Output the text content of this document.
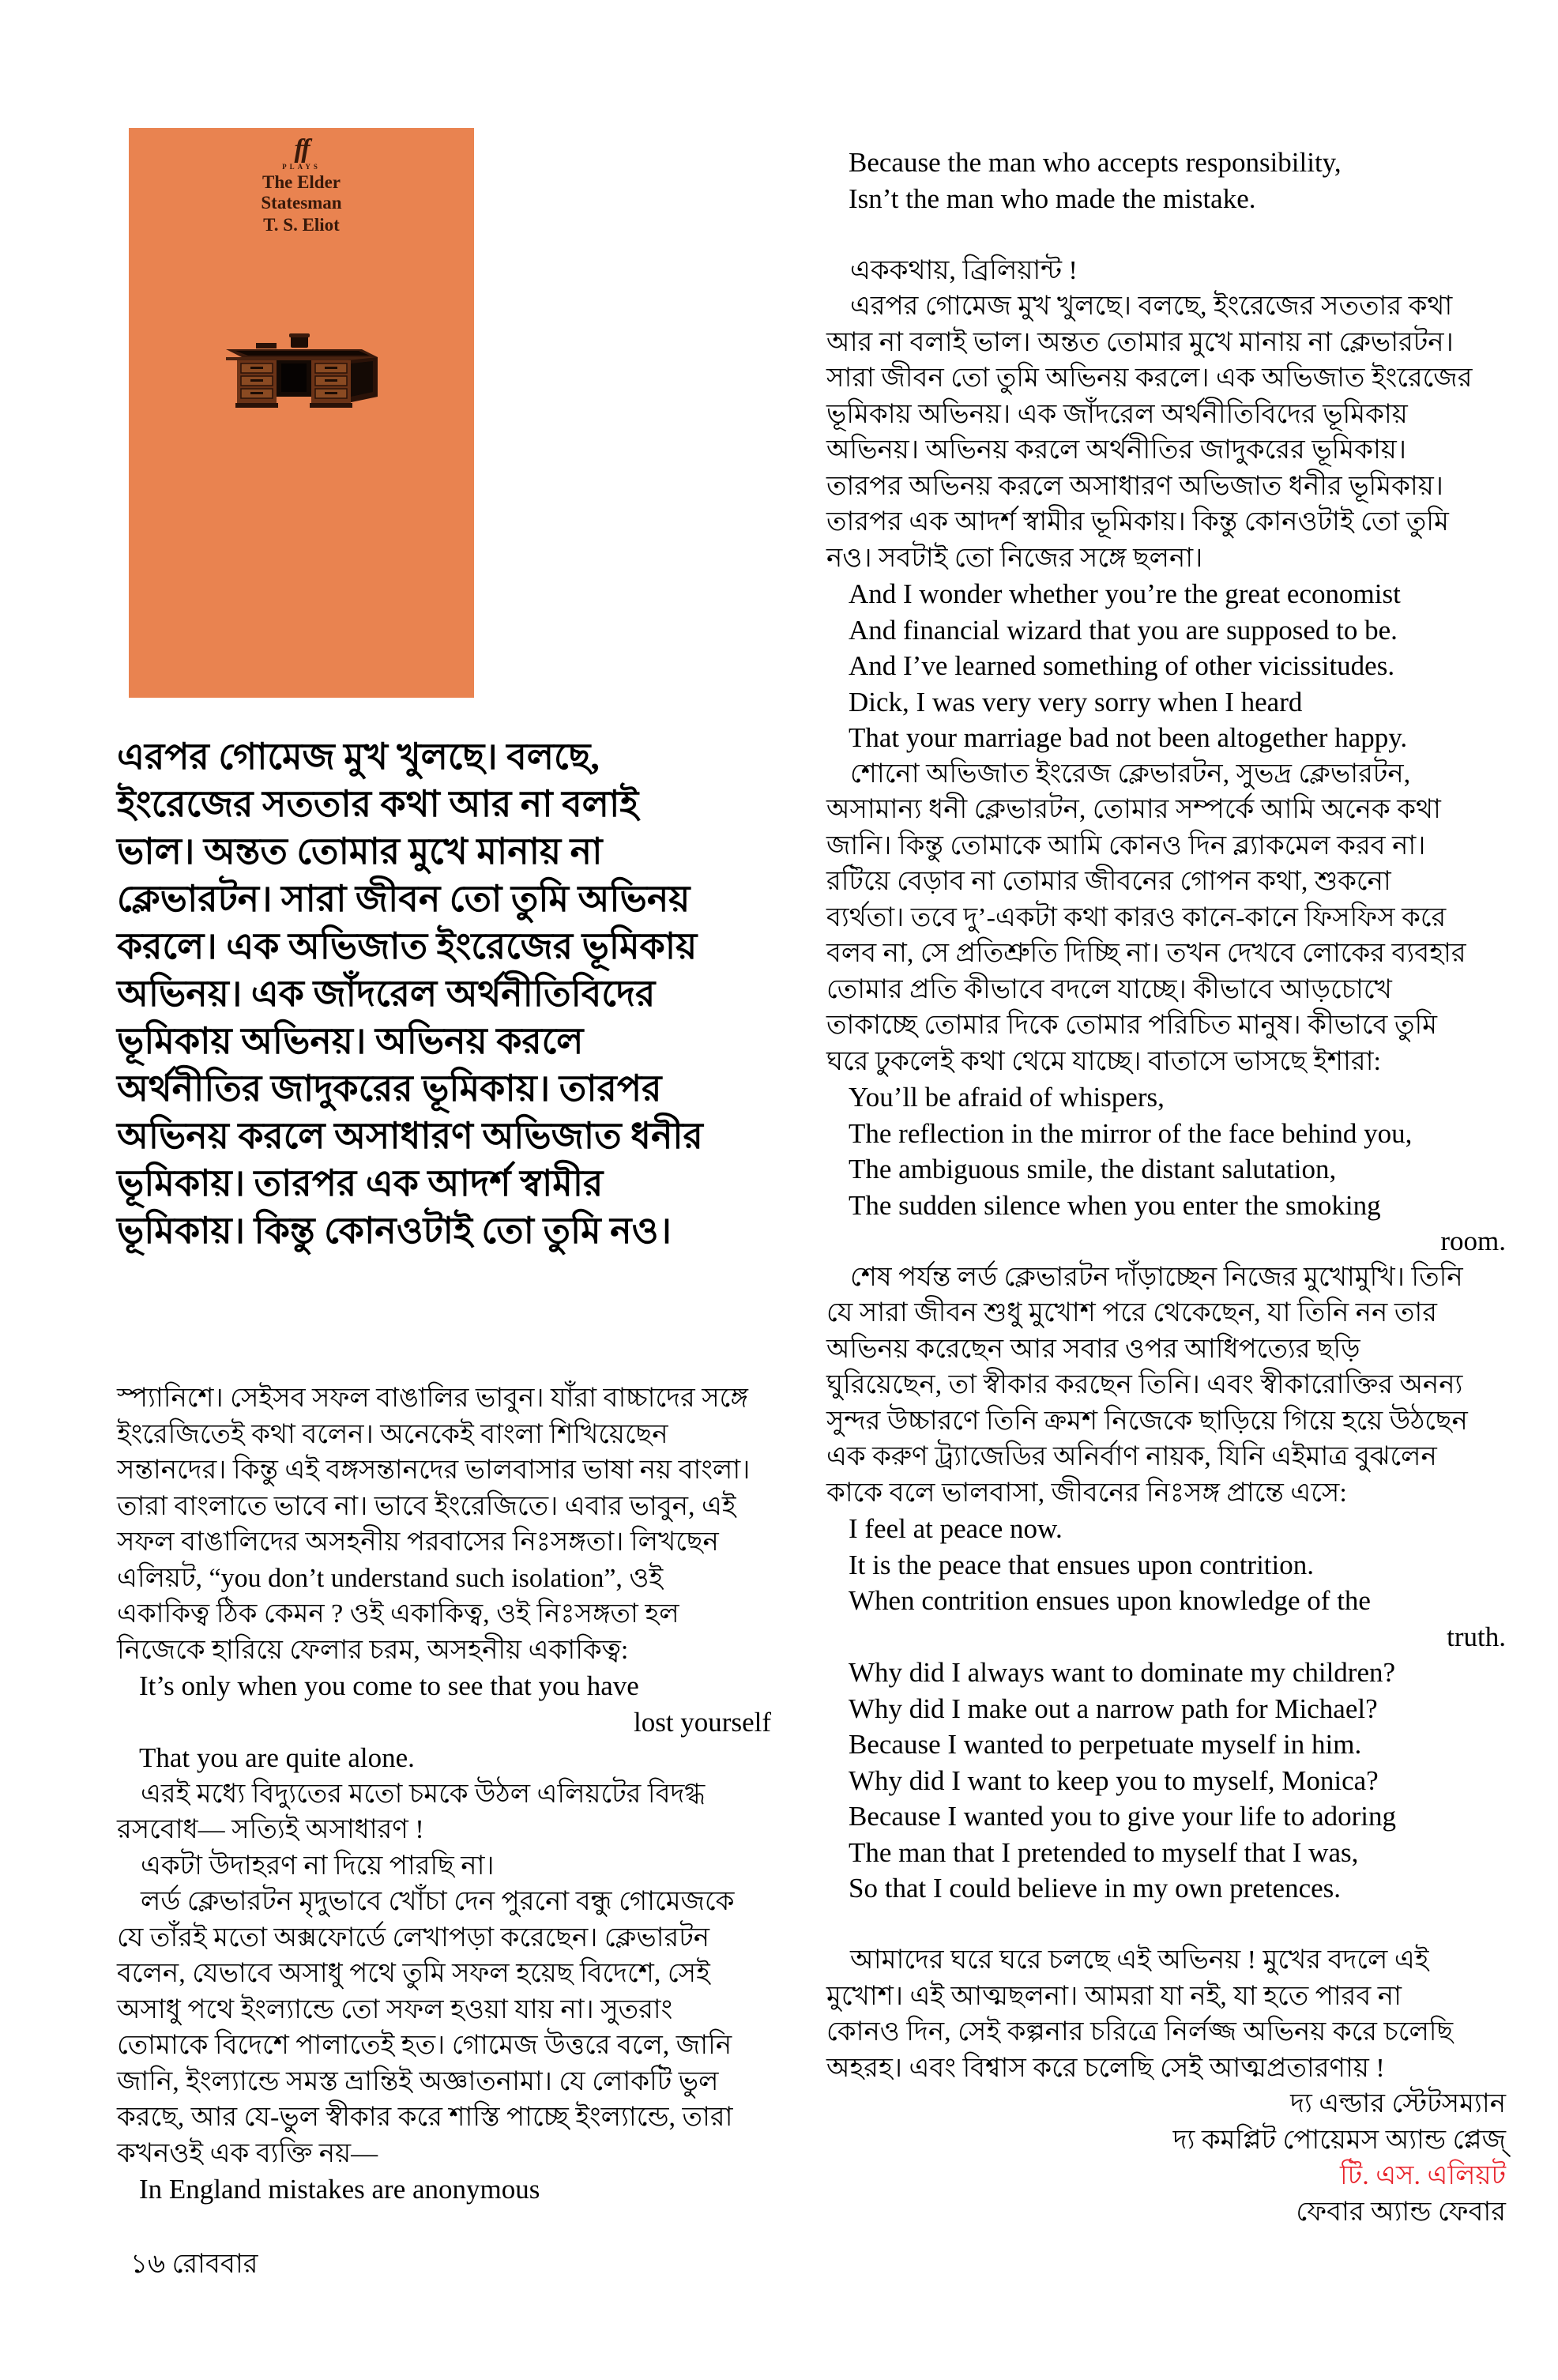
ff
PLAYS
The Elder
Statesman
T. S. Eliot
এরপর গোমেজ মুখ খুলছে। বলছে,
ইংরেজের সততার কথা আর না বলাই
ভাল। অন্তত তোমার মুখে মানায় না
ক্লেভারটন। সারা জীবন তো তুমি অভিনয়
করলে। এক অভিজাত ইংরেজের ভূমিকায়
অভিনয়। এক জাঁদরেল অর্থনীতিবিদের
ভূমিকায় অভিনয়। অভিনয় করলে
অর্থনীতির জাদুকরের ভূমিকায়। তারপর
অভিনয় করলে অসাধারণ অভিজাত ধনীর
ভূমিকায়। তারপর এক আদর্শ স্বামীর
ভূমিকায়। কিন্তু কোনওটাই তো তুমি নও।
স্প্যানিশে। সেইসব সফল বাঙালির ভাবুন। যাঁরা বাচ্চাদের সঙ্গে
ইংরেজিতেই কথা বলেন। অনেকেই বাংলা শিখিয়েছেন
সন্তানদের। কিন্তু এই বঙ্গসন্তানদের ভালবাসার ভাষা নয় বাংলা।
তারা বাংলাতে ভাবে না। ভাবে ইংরেজিতে। এবার ভাবুন, এই
সফল বাঙালিদের অসহনীয় পরবাসের নিঃসঙ্গতা। লিখছেন
এলিয়ট, “you don’t understand such isolation”, ওই
একাকিত্ব ঠিক কেমন ? ওই একাকিত্ব, ওই নিঃসঙ্গতা হল
নিজেকে হারিয়ে ফেলার চরম, অসহনীয় একাকিত্ব:
It’s only when you come to see that you have
lost yourself
That you are quite alone.
এরই মধ্যে বিদ্যুতের মতো চমকে উঠল এলিয়টের বিদগ্ধ
রসবোধ— সত্যিই অসাধারণ !
একটা উদাহরণ না দিয়ে পারছি না।
লর্ড ক্লেভারটন মৃদুভাবে খোঁচা দেন পুরনো বন্ধু গোমেজকে
যে তাঁরই মতো অক্সফোর্ডে লেখাপড়া করেছেন। ক্লেভারটন
বলেন, যেভাবে অসাধু পথে তুমি সফল হয়েছ বিদেশে, সেই
অসাধু পথে ইংল্যান্ডে তো সফল হওয়া যায় না। সুতরাং
তোমাকে বিদেশে পালাতেই হত। গোমেজ উত্তরে বলে, জানি
জানি, ইংল্যান্ডে সমস্ত ভ্রান্তিই অজ্ঞাতনামা। যে লোকটি ভুল
করছে, আর যে-ভুল স্বীকার করে শাস্তি পাচ্ছে ইংল্যান্ডে, তারা
কখনওই এক ব্যক্তি নয়—
In England mistakes are anonymous
Because the man who accepts responsibility,
Isn’t the man who made the mistake.

এককথায়, ব্রিলিয়ান্ট !
এরপর গোমেজ মুখ খুলছে। বলছে, ইংরেজের সততার কথা
আর না বলাই ভাল। অন্তত তোমার মুখে মানায় না ক্লেভারটন।
সারা জীবন তো তুমি অভিনয় করলে। এক অভিজাত ইংরেজের
ভূমিকায় অভিনয়। এক জাঁদরেল অর্থনীতিবিদের ভূমিকায়
অভিনয়। অভিনয় করলে অর্থনীতির জাদুকরের ভূমিকায়।
তারপর অভিনয় করলে অসাধারণ অভিজাত ধনীর ভূমিকায়।
তারপর এক আদর্শ স্বামীর ভূমিকায়। কিন্তু কোনওটাই তো তুমি
নও। সবটাই তো নিজের সঙ্গে ছলনা।
And I wonder whether you’re the great economist
And financial wizard that you are supposed to be.
And I’ve learned something of other vicissitudes.
Dick, I was very very sorry when I heard
That your marriage bad not been altogether happy.
শোনো অভিজাত ইংরেজ ক্লেভারটন, সুভদ্র ক্লেভারটন,
অসামান্য ধনী ক্লেভারটন, তোমার সম্পর্কে আমি অনেক কথা
জানি। কিন্তু তোমাকে আমি কোনও দিন ব্ল্যাকমেল করব না।
রটিয়ে বেড়াব না তোমার জীবনের গোপন কথা, শুকনো
ব্যর্থতা। তবে দু’-একটা কথা কারও কানে-কানে ফিসফিস করে
বলব না, সে প্রতিশ্রুতি দিচ্ছি না। তখন দেখবে লোকের ব্যবহার
তোমার প্রতি কীভাবে বদলে যাচ্ছে। কীভাবে আড়চোখে
তাকাচ্ছে তোমার দিকে তোমার পরিচিত মানুষ। কীভাবে তুমি
ঘরে ঢুকলেই কথা থেমে যাচ্ছে। বাতাসে ভাসছে ইশারা:
You’ll be afraid of whispers,
The reflection in the mirror of the face behind you,
The ambiguous smile, the distant salutation,
The sudden silence when you enter the smoking
room.
শেষ পর্যন্ত লর্ড ক্লেভারটন দাঁড়াচ্ছেন নিজের মুখোমুখি। তিনি
যে সারা জীবন শুধু মুখোশ পরে থেকেছেন, যা তিনি নন তার
অভিনয় করেছেন আর সবার ওপর আধিপত্যের ছড়ি
ঘুরিয়েছেন, তা স্বীকার করছেন তিনি। এবং স্বীকারোক্তির অনন্য
সুন্দর উচ্চারণে তিনি ক্রমশ নিজেকে ছাড়িয়ে গিয়ে হয়ে উঠছেন
এক করুণ ট্র্যাজেডির অনির্বাণ নায়ক, যিনি এইমাত্র বুঝলেন
কাকে বলে ভালবাসা, জীবনের নিঃসঙ্গ প্রান্তে এসে:
I feel at peace now.
It is the peace that ensues upon contrition.
When contrition ensues upon knowledge of the
truth.
Why did I always want to dominate my children?
Why did I make out a narrow path for Michael?
Because I wanted to perpetuate myself in him.
Why did I want to keep you to myself, Monica?
Because I wanted you to give your life to adoring
The man that I pretended to myself that I was,
So that I could believe in my own pretences.

আমাদের ঘরে ঘরে চলছে এই অভিনয় ! মুখের বদলে এই
মুখোশ। এই আত্মছলনা। আমরা যা নই, যা হতে পারব না
কোনও দিন, সেই কল্পনার চরিত্রে নির্লজ্জ অভিনয় করে চলেছি
অহরহ। এবং বিশ্বাস করে চলেছি সেই আত্মপ্রতারণায় !
দ্য এল্ডার স্টেটসম্যান
দ্য কমপ্লিট পোয়েমস অ্যান্ড প্লেজ্
টি. এস. এলিয়ট
ফেবার অ্যান্ড ফেবার
১৬ রোববার
